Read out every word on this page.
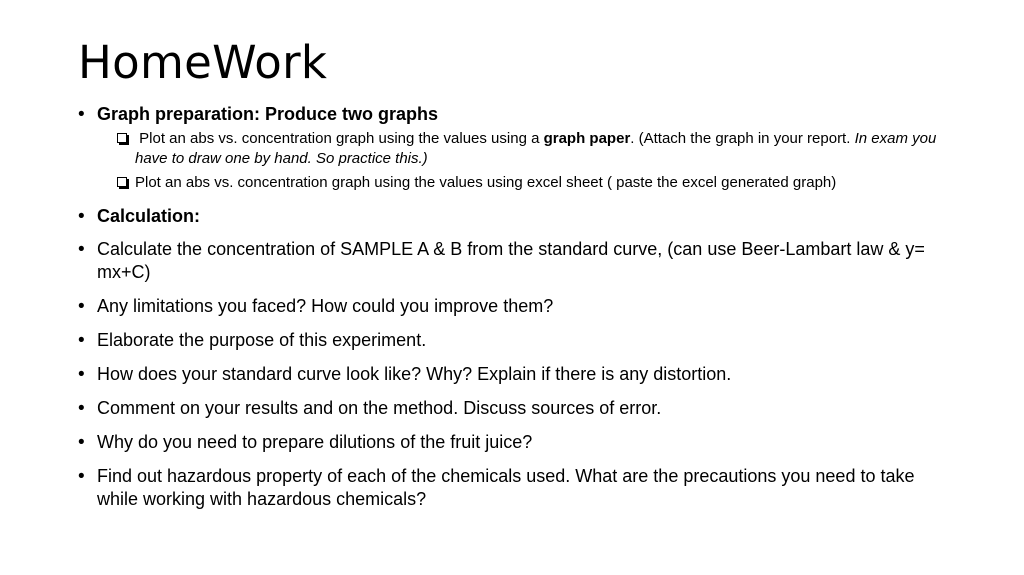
HomeWork
• Graph preparation: Produce two graphs
Plot an abs vs. concentration graph using the values using a graph paper. (Attach the graph in your report. In exam you have to draw one by hand. So practice this.)
Plot an abs vs. concentration graph using the values using excel sheet ( paste the excel generated graph)
• Calculation:
• Calculate the concentration of SAMPLE A & B from the standard curve, (can use Beer-Lambart law & y= mx+C)
• Any limitations you faced? How could you improve them?
• Elaborate the purpose of this experiment.
• How does your standard curve look like? Why? Explain if there is any distortion.
• Comment on your results and on the method. Discuss sources of error.
• Why do you need to prepare dilutions of the fruit juice?
• Find out hazardous property of each of the chemicals used. What are the precautions you need to take while working with hazardous chemicals?
